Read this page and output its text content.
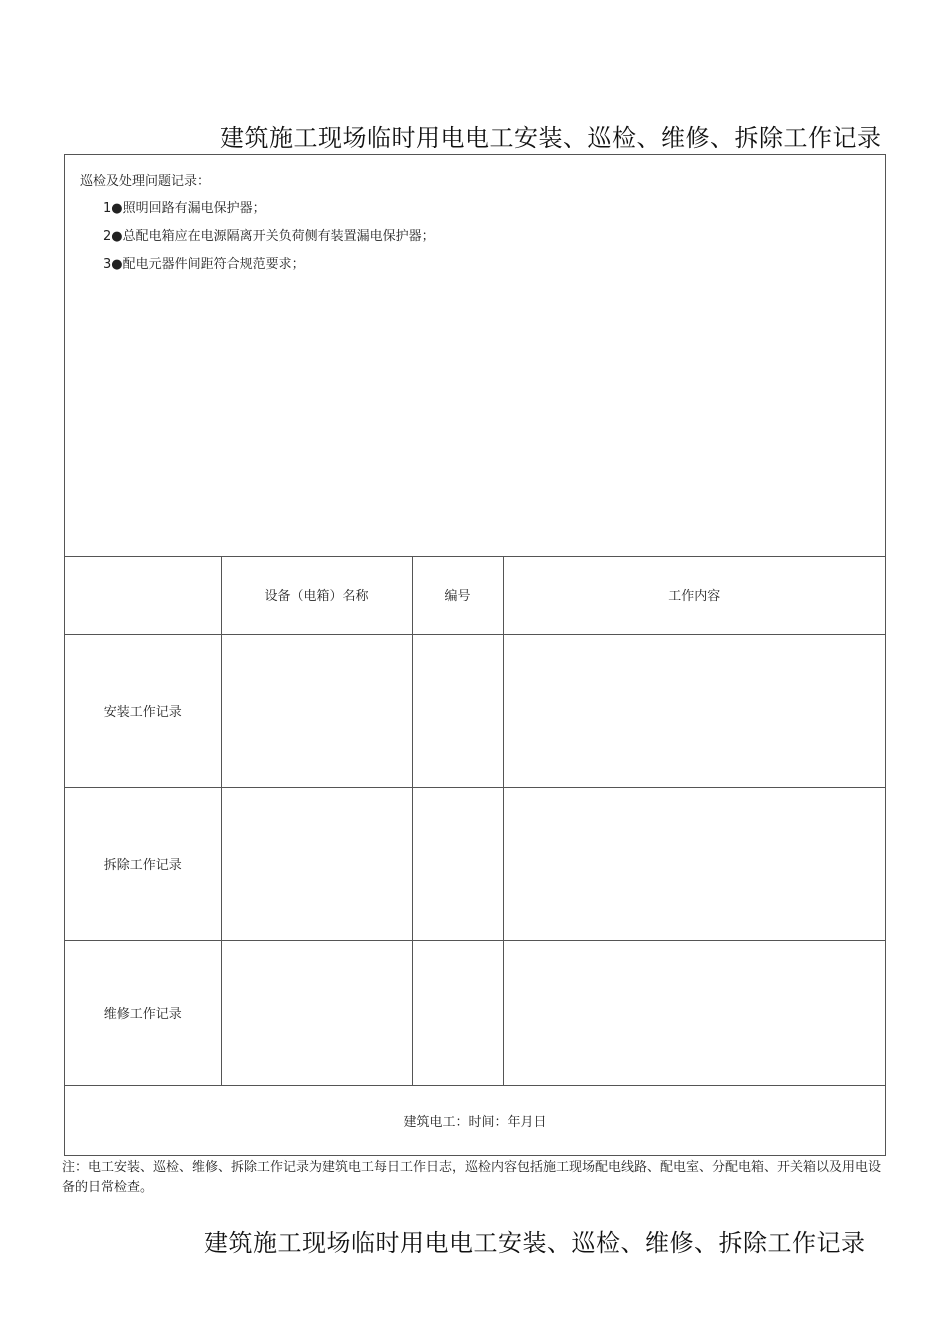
建筑施工现场临时用电电工安装、巡检、维修、拆除工作记录
巡检及处理问题记录：
1●照明回路有漏电保护器；
2●总配电箱应在电源隔离开关负荷侧有装置漏电保护器；
3●配电元器件间距符合规范要求；
	设备（电箱）名称	编号	工作内容
安装工作记录			
拆除工作记录			
维修工作记录			
建筑电工：时间：年月日			
注：电工安装、巡检、维修、拆除工作记录为建筑电工每日工作日志，巡检内容包括施工现场配电线路、配电室、分配电箱、开关箱以及用电设备的日常检查。
建筑施工现场临时用电电工安装、巡检、维修、拆除工作记录
